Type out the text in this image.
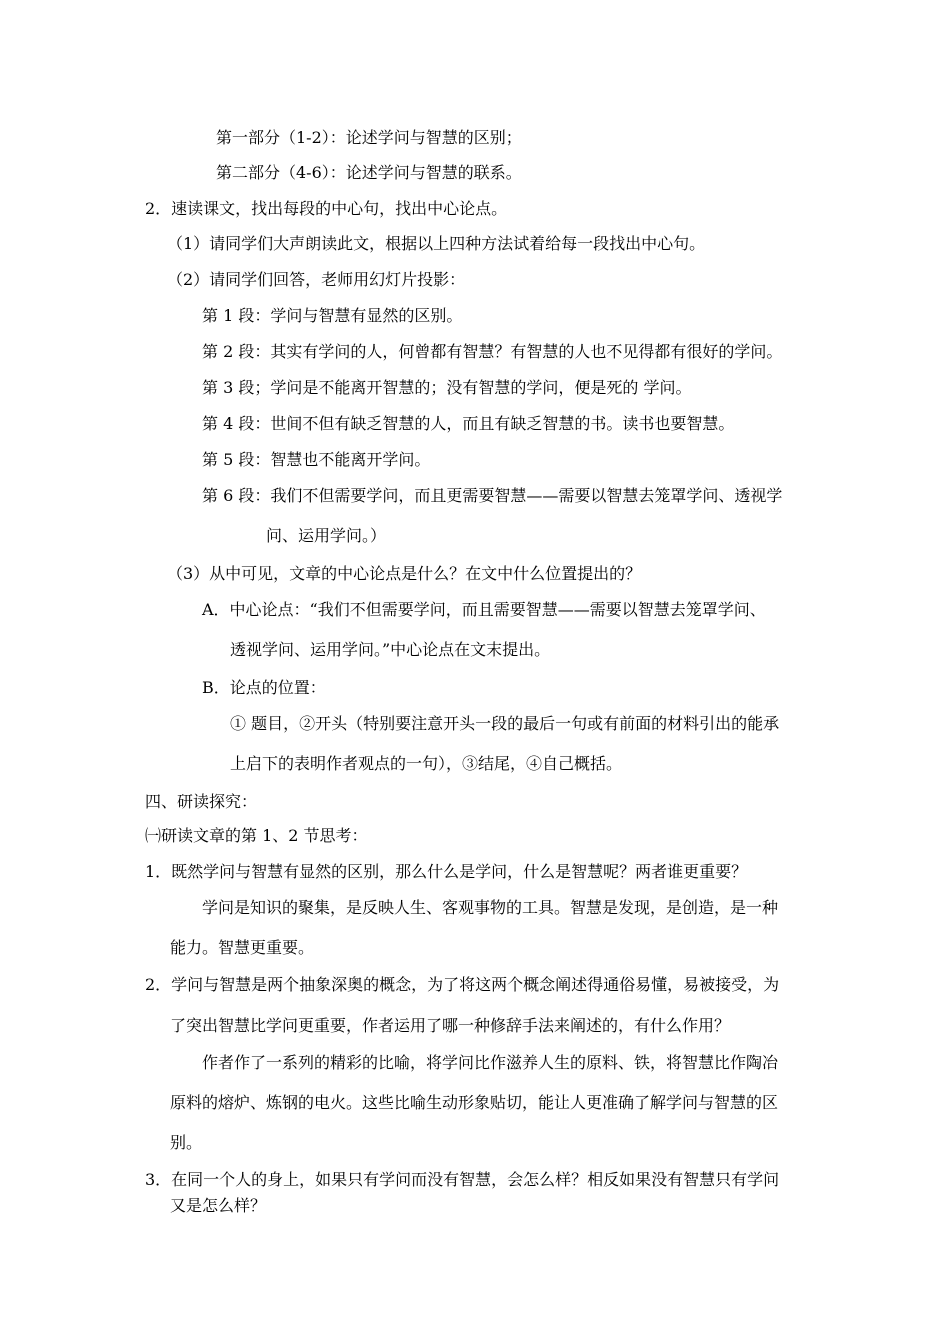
第一部分（1-2）：论述学问与智慧的区别；
第二部分（4-6）：论述学问与智慧的联系。
2．速读课文，找出每段的中心句，找出中心论点。
（1）请同学们大声朗读此文，根据以上四种方法试着给每一段找出中心句。
（2）请同学们回答，老师用幻灯片投影：
第 1 段：学问与智慧有显然的区别。
第 2 段：其实有学问的人，何曾都有智慧？有智慧的人也不见得都有很好的学问。
第 3 段；学问是不能离开智慧的；没有智慧的学问，便是死的 学问。
第 4 段：世间不但有缺乏智慧的人，而且有缺乏智慧的书。读书也要智慧。
第 5 段：智慧也不能离开学问。
第 6 段：我们不但需要学问，而且更需要智慧——需要以智慧去笼罩学问、透视学
问、运用学问。）
（3）从中可见，文章的中心论点是什么？在文中什么位置提出的？
A．中心论点：“我们不但需要学问，而且需要智慧——需要以智慧去笼罩学问、
透视学问、运用学问。”中心论点在文末提出。
B．论点的位置：
① 题目，②开头（特别要注意开头一段的最后一句或有前面的材料引出的能承
上启下的表明作者观点的一句），③结尾，④自己概括。
四、研读探究：
㈠研读文章的第 1、2 节思考：
1．既然学问与智慧有显然的区别，那么什么是学问，什么是智慧呢？两者谁更重要？
学问是知识的聚集，是反映人生、客观事物的工具。智慧是发现，是创造，是一种
能力。智慧更重要。
2．学问与智慧是两个抽象深奥的概念，为了将这两个概念阐述得通俗易懂，易被接受，为
了突出智慧比学问更重要，作者运用了哪一种修辞手法来阐述的，有什么作用？
作者作了一系列的精彩的比喻，将学问比作滋养人生的原料、铁，将智慧比作陶冶
原料的熔炉、炼钢的电火。这些比喻生动形象贴切，能让人更准确了解学问与智慧的区
别。
3．在同一个人的身上，如果只有学问而没有智慧，会怎么样？相反如果没有智慧只有学问
又是怎么样？
